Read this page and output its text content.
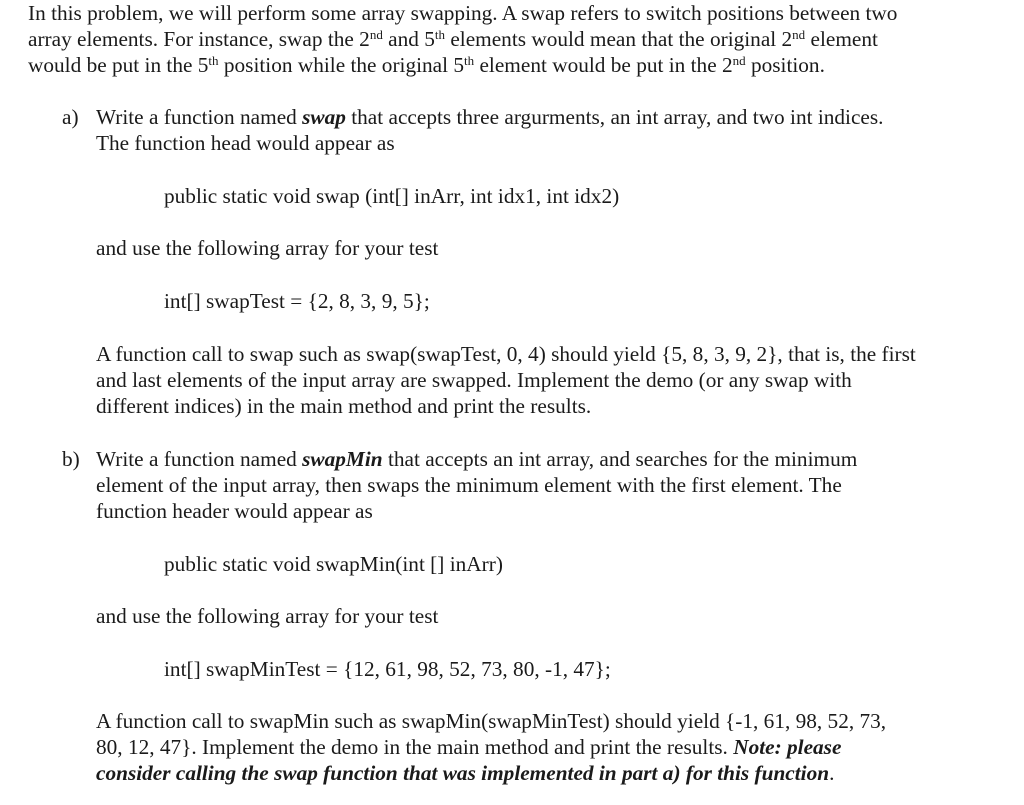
In this problem, we will perform some array swapping. A swap refers to switch positions between two
array elements. For instance, swap the 2nd and 5th elements would mean that the original 2nd element
would be put in the 5th position while the original 5th element would be put in the 2nd position.
a) Write a function named swap that accepts three argurments, an int array, and two int indices.
The function head would appear as
public static void swap (int[] inArr, int idx1, int idx2)
and use the following array for your test
int[] swapTest = {2, 8, 3, 9, 5};
A function call to swap such as swap(swapTest, 0, 4) should yield {5, 8, 3, 9, 2}, that is, the first
and last elements of the input array are swapped. Implement the demo (or any swap with
different indices) in the main method and print the results.
b) Write a function named swapMin that accepts an int array, and searches for the minimum
element of the input array, then swaps the minimum element with the first element. The
function header would appear as
public static void swapMin(int [] inArr)
and use the following array for your test
int[] swapMinTest = {12, 61, 98, 52, 73, 80, -1, 47};
A function call to swapMin such as swapMin(swapMinTest) should yield {-1, 61, 98, 52, 73,
80, 12, 47}. Implement the demo in the main method and print the results. Note: please
consider calling the swap function that was implemented in part a) for this function.
